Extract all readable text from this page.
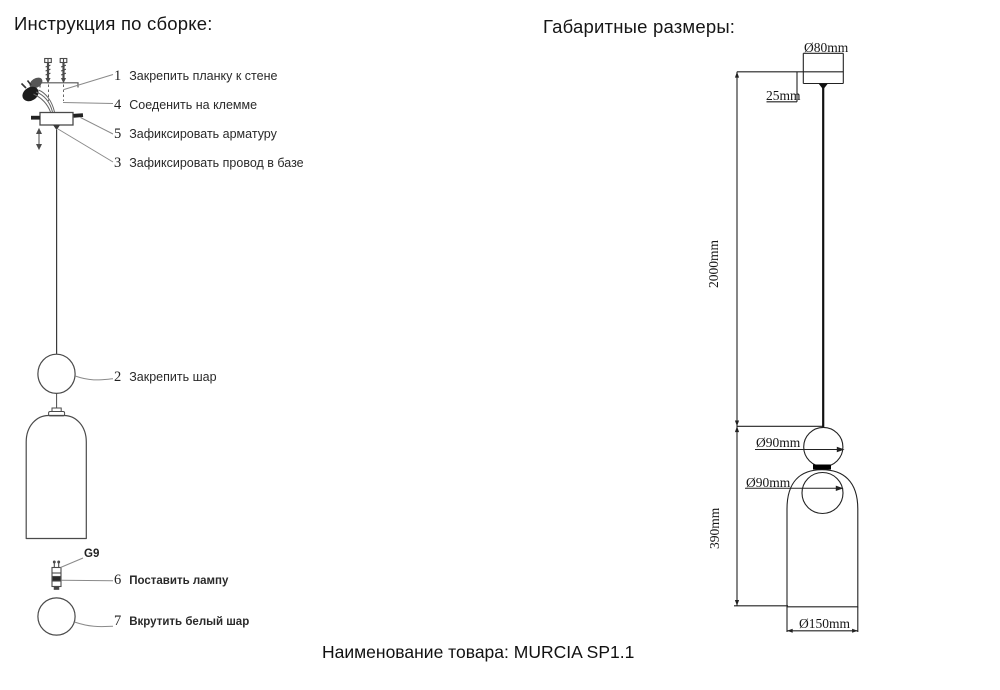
Инструкция по сборке:	Габаритные размеры:
Наименование товара: MURCIA SP1.1
1 Закрепить планку к стене
4 Соеденить на клемме
5 Зафиксировать арматуру
3 Зафиксировать провод в базе
2 Закрепить шар
G9
6 Поставить лампу
7 Вкрутить белый шар
Ø80mm
25mm
2000mm
Ø90mm
Ø90mm
390mm
Ø150mm
